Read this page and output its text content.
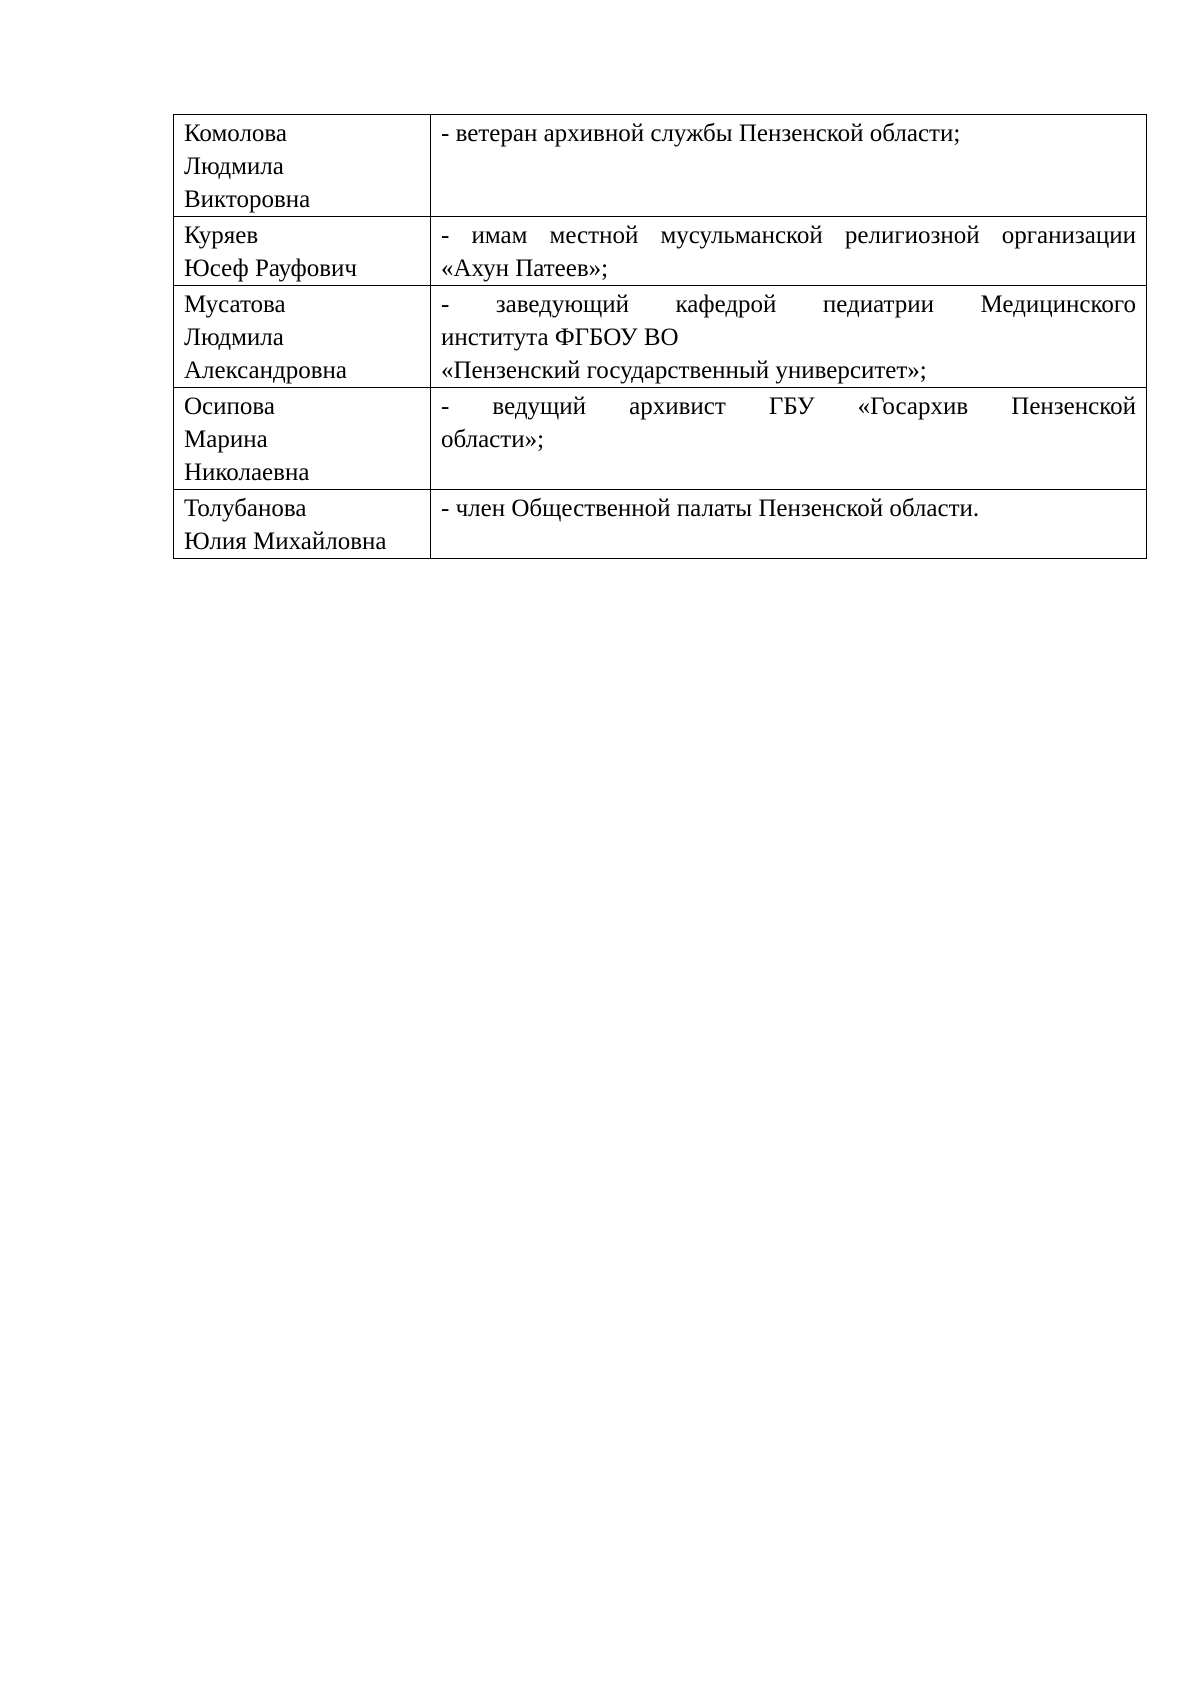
Комолова
Людмила
Викторовна	- ветеран архивной службы Пензенской области;

Куряев
Юсеф Рауфович	- имам местной мусульманской религиозной организации
«Ахун Патеев»;

Мусатова
Людмила
Александровна	- заведующий кафедрой педиатрии Медицинского
института ФГБОУ ВО
«Пензенский государственный университет»;

Осипова
Марина
Николаевна	- ведущий архивист ГБУ «Госархив Пензенской
области»;

Толубанова
Юлия Михайловна	- член Общественной палаты Пензенской области.
